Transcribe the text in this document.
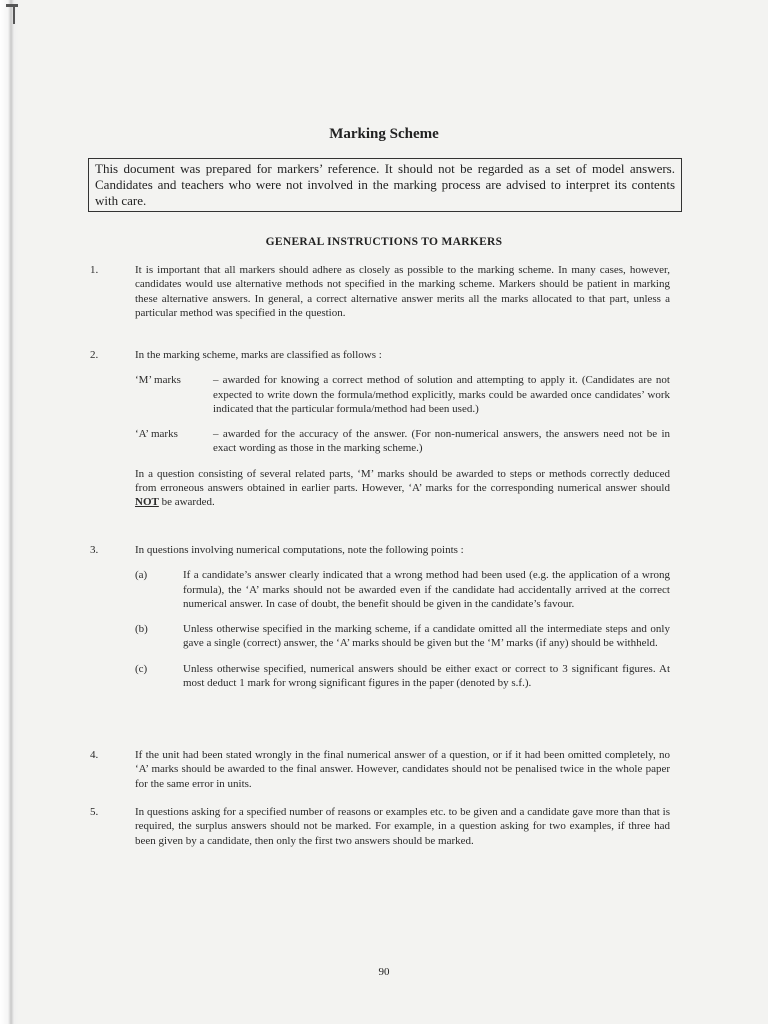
Marking Scheme
This document was prepared for markers’ reference. It should not be regarded as a set of model answers. Candidates and teachers who were not involved in the marking process are advised to interpret its contents with care.
GENERAL INSTRUCTIONS TO MARKERS
1.	It is important that all markers should adhere as closely as possible to the marking scheme. In many cases, however, candidates would use alternative methods not specified in the marking scheme. Markers should be patient in marking these alternative answers. In general, a correct alternative answer merits all the marks allocated to that part, unless a particular method was specified in the question.
2.	In the marking scheme, marks are classified as follows :
‘M’ marks	– awarded for knowing a correct method of solution and attempting to apply it. (Candidates are not expected to write down the formula/method explicitly, marks could be awarded once candidates’ work indicated that the particular formula/method had been used.)
‘A’ marks	– awarded for the accuracy of the answer. (For non-numerical answers, the answers need not be in exact wording as those in the marking scheme.)
In a question consisting of several related parts, ‘M’ marks should be awarded to steps or methods correctly deduced from erroneous answers obtained in earlier parts. However, ‘A’ marks for the corresponding numerical answer should NOT be awarded.
3.	In questions involving numerical computations, note the following points :
(a)	If a candidate’s answer clearly indicated that a wrong method had been used (e.g. the application of a wrong formula), the ‘A’ marks should not be awarded even if the candidate had accidentally arrived at the correct numerical answer. In case of doubt, the benefit should be given in the candidate’s favour.
(b)	Unless otherwise specified in the marking scheme, if a candidate omitted all the intermediate steps and only gave a single (correct) answer, the ‘A’ marks should be given but the ‘M’ marks (if any) should be withheld.
(c)	Unless otherwise specified, numerical answers should be either exact or correct to 3 significant figures. At most deduct 1 mark for wrong significant figures in the paper (denoted by s.f.).
4.	If the unit had been stated wrongly in the final numerical answer of a question, or if it had been omitted completely, no ‘A’ marks should be awarded to the final answer. However, candidates should not be penalised twice in the whole paper for the same error in units.
5.	In questions asking for a specified number of reasons or examples etc. to be given and a candidate gave more than that is required, the surplus answers should not be marked. For example, in a question asking for two examples, if three had been given by a candidate, then only the first two answers should be marked.
90
